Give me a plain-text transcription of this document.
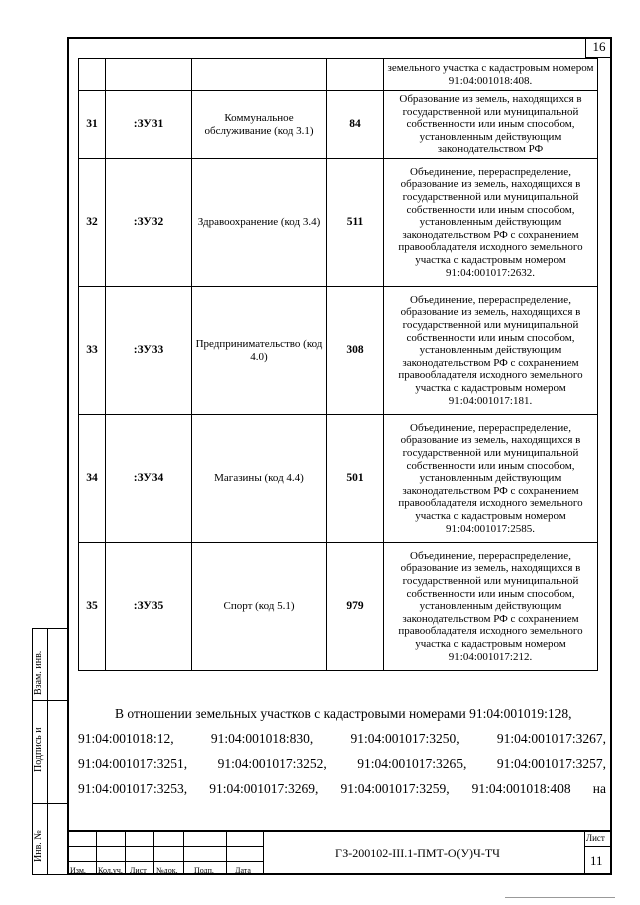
16
				земельного участка с кадастровым номером 91:04:001018:408.
31	:ЗУ31	Коммунальное обслуживание (код 3.1)	84	Образование из земель, находящихся в государственной или муниципальной собственности или иным способом, установленным действующим законодательством РФ
32	:ЗУ32	Здравоохранение (код 3.4)	511	Объединение, перераспределение, образование из земель, находящихся в государственной или муниципальной собственности или иным способом, установленным действующим законодательством РФ с сохранением правообладателя исходного земельного участка с кадастровым номером 91:04:001017:2632.
33	:ЗУ33	Предпринимательство (код 4.0)	308	Объединение, перераспределение, образование из земель, находящихся в государственной или муниципальной собственности или иным способом, установленным действующим законодательством РФ с сохранением правообладателя исходного земельного участка с кадастровым номером 91:04:001017:181.
34	:ЗУ34	Магазины (код 4.4)	501	Объединение, перераспределение, образование из земель, находящихся в государственной или муниципальной собственности или иным способом, установленным действующим законодательством РФ с сохранением правообладателя исходного земельного участка с кадастровым номером 91:04:001017:2585.
35	:ЗУ35	Спорт (код 5.1)	979	Объединение, перераспределение, образование из земель, находящихся в государственной или муниципальной собственности или иным способом, установленным действующим законодательством РФ с сохранением правообладателя исходного земельного участка с кадастровым номером 91:04:001017:212.
В отношении земельных участков с кадастровыми номерами 91:04:001019:128,
91:04:001018:12,	91:04:001018:830,	91:04:001017:3250,	91:04:001017:3267,
91:04:001017:3251, 91:04:001017:3252, 91:04:001017:3265, 91:04:001017:3257,
91:04:001017:3253, 91:04:001017:3269, 91:04:001017:3259, 91:04:001018:408 на
Взам. инв.
Подпись и
Инв. №
Изм. Кол.уч. Лист №док. Подп.	Дата
ГЗ-200102-III.1-ПМТ-О(У)Ч-ТЧ
Лист
11
